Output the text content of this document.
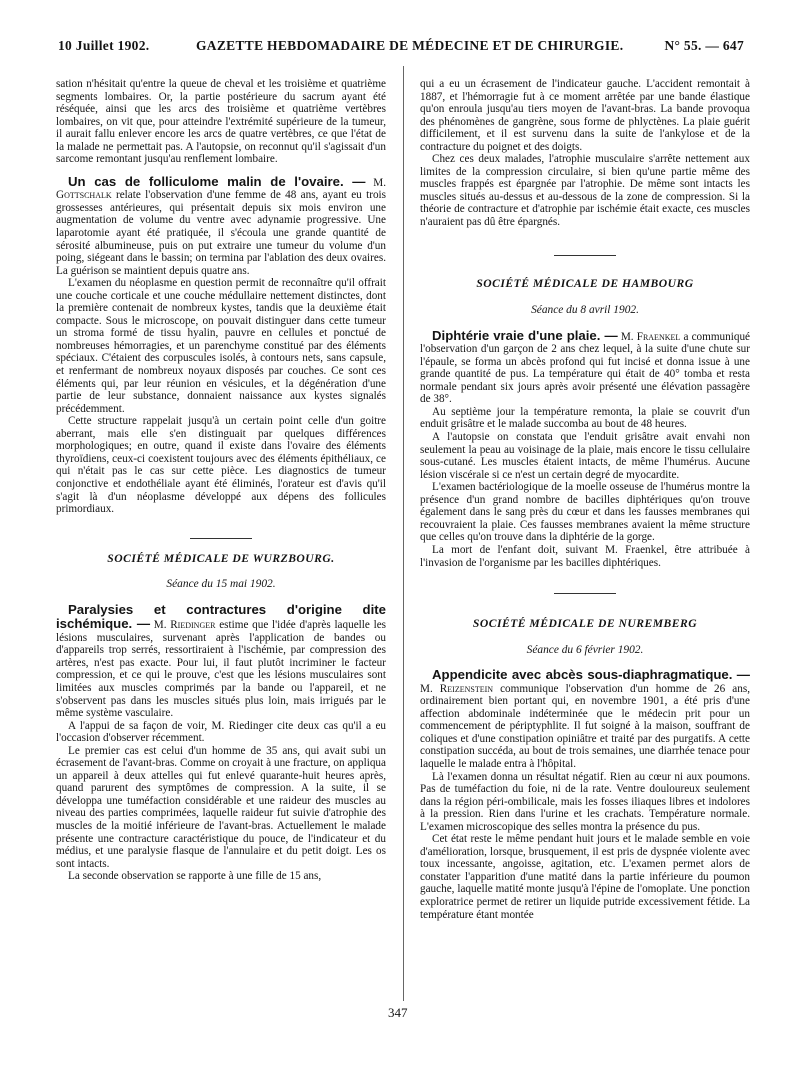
10 Juillet 1902.	GAZETTE HEBDOMADAIRE DE MÉDECINE ET DE CHIRURGIE.	N° 55. — 647

sation n'hésitait qu'entre la queue de cheval et les troisième et quatrième segments lombaires. Or, la partie postérieure du sacrum ayant été réséquée, ainsi que les arcs des troisième et quatrième vertèbres lombaires, on vit que, pour atteindre l'extrémité supérieure de la tumeur, il aurait fallu enlever encore les arcs de quatre vertèbres, ce que l'état de la malade ne permettait pas. A l'autopsie, on reconnut qu'il s'agissait d'un sarcome remontant jusqu'au renflement lombaire.

Un cas de folliculome malin de l'ovaire. — M. Gottschalk relate l'observation d'une femme de 48 ans, ayant eu trois grossesses antérieures, qui présentait depuis six mois environ une augmentation de volume du ventre avec adynamie progressive. Une laparotomie ayant été pratiquée, il s'écoula une grande quantité de sérosité albumineuse, puis on put extraire une tumeur du volume d'un poing, siégeant dans le bassin; on termina par l'ablation des deux ovaires. La guérison se maintient depuis quatre ans.

L'examen du néoplasme en question permit de reconnaître qu'il offrait une couche corticale et une couche médullaire nettement distinctes, dont la première contenait de nombreux kystes, tandis que la deuxième était compacte. Sous le microscope, on pouvait distinguer dans cette tumeur un stroma formé de tissu hyalin, pauvre en cellules et ponctué de nombreuses hémorragies, et un parenchyme constitué par des éléments spéciaux. C'étaient des corpuscules isolés, à contours nets, sans capsule, et renfermant de nombreux noyaux disposés par couches. Ce sont ces éléments qui, par leur réunion en vésicules, et la dégénération d'une partie de leur substance, donnaient naissance aux kystes signalés précédemment.

Cette structure rappelait jusqu'à un certain point celle d'un goitre aberrant, mais elle s'en distinguait par quelques différences morphologiques; en outre, quand il existe dans l'ovaire des éléments thyroïdiens, ceux-ci coexistent toujours avec des éléments épithéliaux, ce qui n'était pas le cas sur cette pièce. Les diagnostics de tumeur conjonctive et endothéliale ayant été éliminés, l'orateur est d'avis qu'il s'agit là d'un néoplasme développé aux dépens des follicules primordiaux.

SOCIÉTÉ MÉDICALE DE WURZBOURG.

Séance du 15 mai 1902.

Paralysies et contractures d'origine dite ischémique. — M. Riedinger estime que l'idée d'après laquelle les lésions musculaires, survenant après l'application de bandes ou d'appareils trop serrés, ressortiraient à l'ischémie, par compression des artères, n'est pas exacte. Pour lui, il faut plutôt incriminer le facteur compression, et ce qui le prouve, c'est que les lésions musculaires sont limitées aux muscles comprimés par la bande ou l'appareil, et ne s'observent pas dans les muscles situés plus loin, mais irrigués par le même système vasculaire.

A l'appui de sa façon de voir, M. Riedinger cite deux cas qu'il a eu l'occasion d'observer récemment.

Le premier cas est celui d'un homme de 35 ans, qui avait subi un écrasement de l'avant-bras. Comme on croyait à une fracture, on appliqua un appareil à deux attelles qui fut enlevé quarante-huit heures après, quand parurent des symptômes de compression. A la suite, il se développa une tuméfaction considérable et une raideur des muscles au niveau des parties comprimées, laquelle raideur fut suivie d'atrophie des muscles de la moitié inférieure de l'avant-bras. Actuellement le malade présente une contracture caractéristique du pouce, de l'indicateur et du médius, et une paralysie flasque de l'annulaire et du petit doigt. Les os sont intacts.

La seconde observation se rapporte à une fille de 15 ans,

qui a eu un écrasement de l'indicateur gauche. L'accident remontait à 1887, et l'hémorragie fut à ce moment arrêtée par une bande élastique qu'on enroula jusqu'au tiers moyen de l'avant-bras. La bande provoqua des phénomènes de gangrène, sous forme de phlyctènes. La plaie guérit difficilement, et il est survenu dans la suite de l'ankylose et de la contracture du poignet et des doigts.

Chez ces deux malades, l'atrophie musculaire s'arrête nettement aux limites de la compression circulaire, si bien qu'une partie même des muscles frappés est épargnée par l'atrophie. De même sont intacts les muscles situés au-dessus et au-dessous de la zone de compression. Si la théorie de contracture et d'atrophie par ischémie était exacte, ces muscles n'auraient pas dû être épargnés.

SOCIÉTÉ MÉDICALE DE HAMBOURG

Séance du 8 avril 1902.

Diphtérie vraie d'une plaie. — M. Fraenkel a communiqué l'observation d'un garçon de 2 ans chez lequel, à la suite d'une chute sur l'épaule, se forma un abcès profond qui fut incisé et donna issue à une grande quantité de pus. La température qui était de 40° tomba et resta normale pendant six jours après avoir présenté une élévation passagère de 38°.

Au septième jour la température remonta, la plaie se couvrit d'un enduit grisâtre et le malade succomba au bout de 48 heures.

A l'autopsie on constata que l'enduit grisâtre avait envahi non seulement la peau au voisinage de la plaie, mais encore le tissu cellulaire sous-cutané. Les muscles étaient intacts, de même l'humérus. Aucune lésion viscérale si ce n'est un certain degré de myocardite.

L'examen bactériologique de la moelle osseuse de l'humérus montre la présence d'un grand nombre de bacilles diphtériques qu'on trouve également dans le sang près du cœur et dans les fausses membranes qui recouvraient la plaie. Ces fausses membranes avaient la même structure que celles qu'on trouve dans la diphtérie de la gorge.

La mort de l'enfant doit, suivant M. Fraenkel, être attribuée à l'invasion de l'organisme par les bacilles diphtériques.

SOCIÉTÉ MÉDICALE DE NUREMBERG

Séance du 6 février 1902.

Appendicite avec abcès sous-diaphragmatique. — M. Reizenstein communique l'observation d'un homme de 26 ans, ordinairement bien portant qui, en novembre 1901, a été pris d'une affection abdominale indéterminée que le médecin prit pour un commencement de périptyphlite. Il fut soigné à la maison, souffrant de coliques et d'une constipation opiniâtre et traité par des purgatifs. A cette constipation succéda, au bout de trois semaines, une diarrhée tenace pour laquelle le malade entra à l'hôpital.

Là l'examen donna un résultat négatif. Rien au cœur ni aux poumons. Pas de tuméfaction du foie, ni de la rate. Ventre douloureux seulement dans la région péri-ombilicale, mais les fosses iliaques libres et indolores à la pression. Rien dans l'urine et les crachats. Température normale. L'examen microscopique des selles montra la présence du pus.

Cet état reste le même pendant huit jours et le malade semble en voie d'amélioration, lorsque, brusquement, il est pris de dyspnée violente avec toux incessante, angoisse, agitation, etc. L'examen permet alors de constater l'apparition d'une matité dans la partie inférieure du poumon gauche, laquelle matité monte jusqu'à l'épine de l'omoplate. Une ponction exploratrice permet de retirer un liquide putride excessivement fétide. La température étant montée

347
